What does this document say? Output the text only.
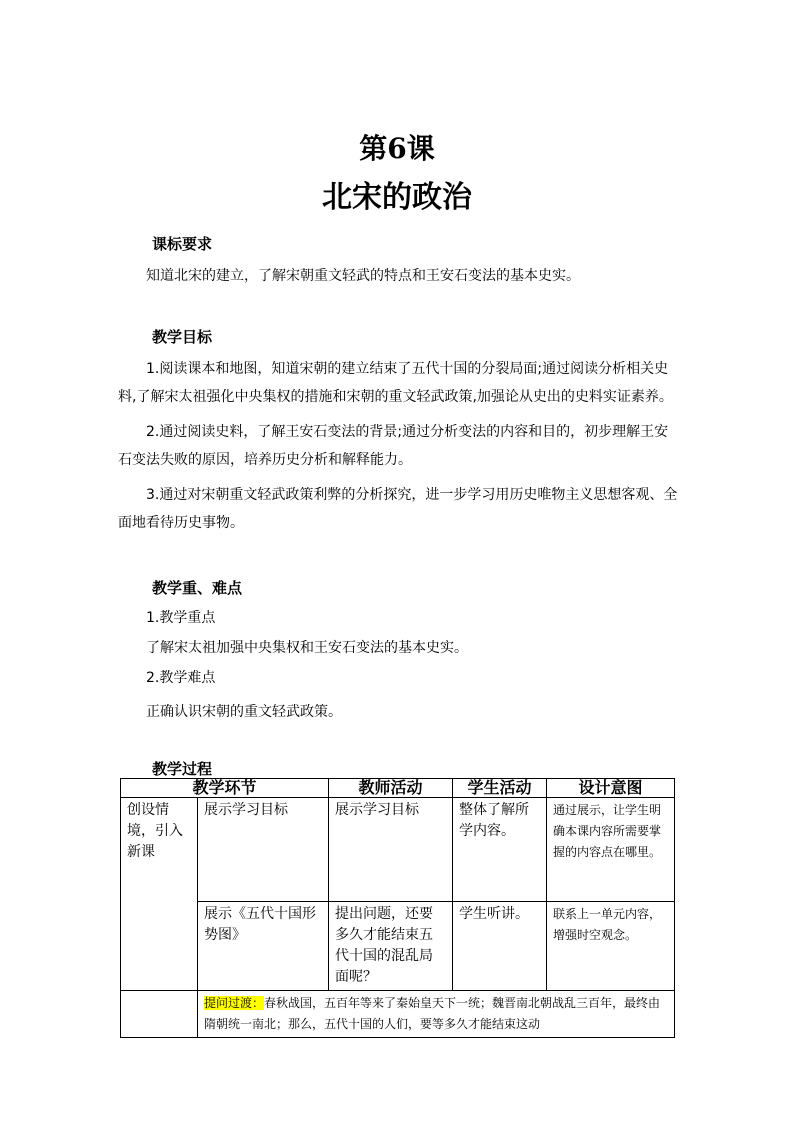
第6课
北宋的政治
课标要求
知道北宋的建立，了解宋朝重文轻武的特点和王安石变法的基本史实。
教学目标
1.阅读课本和地图，知道宋朝的建立结束了五代十国的分裂局面;通过阅读分析相关史料,了解宋太祖强化中央集权的措施和宋朝的重文轻武政策,加强论从史出的史料实证素养。
2.通过阅读史料，了解王安石变法的背景;通过分析变法的内容和目的，初步理解王安石变法失败的原因，培养历史分析和解释能力。
3.通过对宋朝重文轻武政策利弊的分析探究，进一步学习用历史唯物主义思想客观、全面地看待历史事物。
教学重、难点
1.教学重点
了解宋太祖加强中央集权和王安石变法的基本史实。
2.教学难点
正确认识宋朝的重文轻武政策。
教学过程
教学环节		教师活动	学生活动	设计意图
创设情境，引入新课	展示学习目标	展示学习目标	整体了解所学内容。	通过展示，让学生明确本课内容所需要掌握的内容点在哪里。
	展示《五代十国形势图》	提出问题，还要多久才能结束五代十国的混乱局面呢？	学生听讲。	联系上一单元内容，增强时空观念。
	提问过渡：春秋战国，五百年等来了秦始皇天下一统；魏晋南北朝战乱三百年，最终由隋朝统一南北；那么，五代十国的人们，要等多久才能结束这动			
